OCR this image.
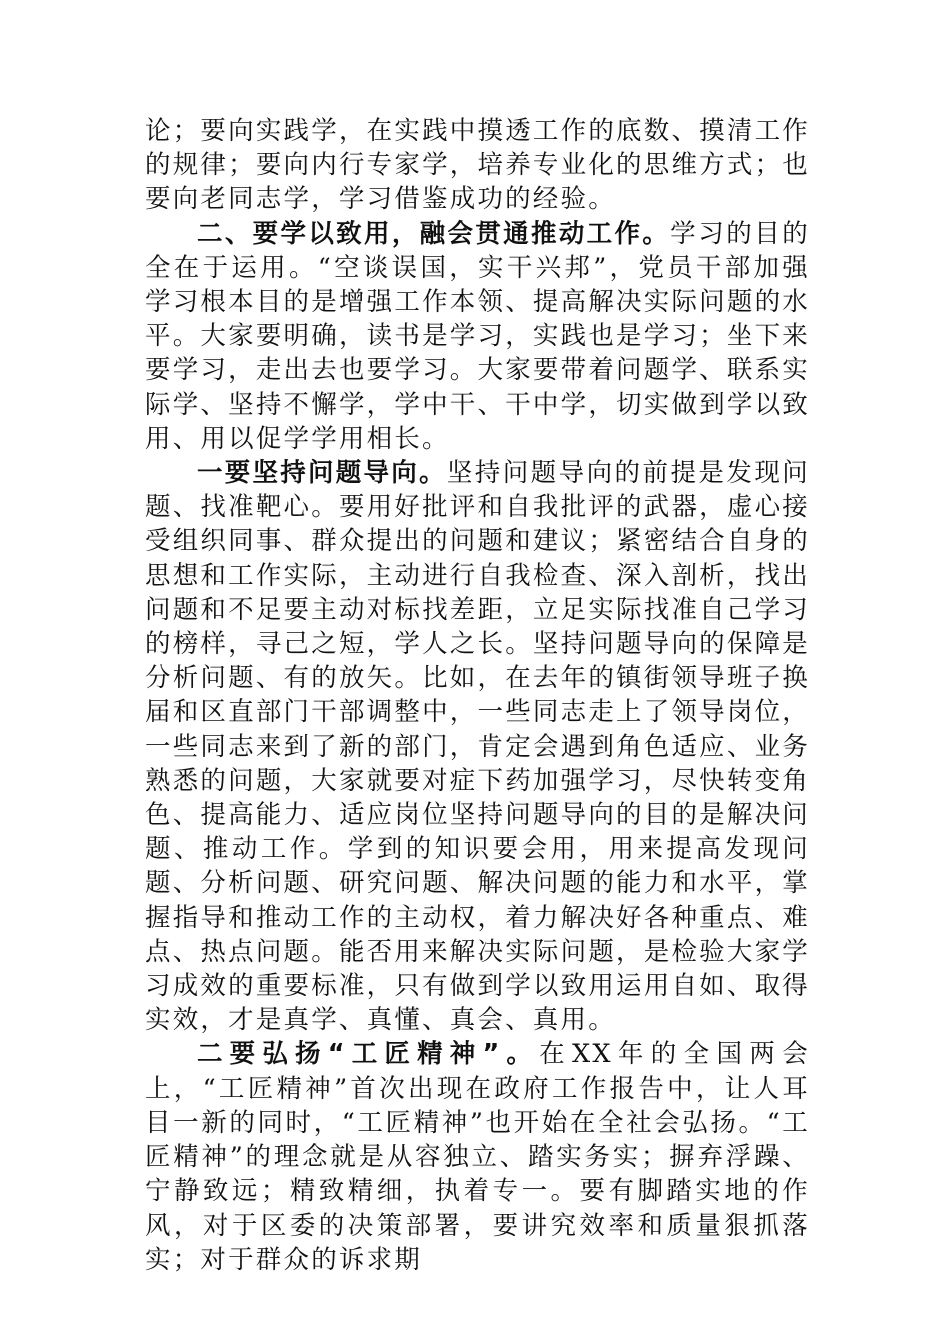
论；要向实践学，在实践中摸透工作的底数、摸清工作的规律；要向内行专家学，培养专业化的思维方式；也要向老同志学，学习借鉴成功的经验。

二、要学以致用，融会贯通推动工作。学习的目的全在于运用。“空谈误国，实干兴邦”，党员干部加强学习根本目的是增强工作本领、提高解决实际问题的水平。大家要明确，读书是学习，实践也是学习；坐下来要学习，走出去也要学习。大家要带着问题学、联系实际学、坚持不懈学，学中干、干中学，切实做到学以致用、用以促学学用相长。

一要坚持问题导向。坚持问题导向的前提是发现问题、找准靶心。要用好批评和自我批评的武器，虚心接受组织同事、群众提出的问题和建议；紧密结合自身的思想和工作实际，主动进行自我检查、深入剖析，找出问题和不足要主动对标找差距，立足实际找准自己学习的榜样，寻己之短，学人之长。坚持问题导向的保障是分析问题、有的放矢。比如，在去年的镇街领导班子换届和区直部门干部调整中，一些同志走上了领导岗位，一些同志来到了新的部门，肯定会遇到角色适应、业务熟悉的问题，大家就要对症下药加强学习，尽快转变角色、提高能力、适应岗位坚持问题导向的目的是解决问题、推动工作。学到的知识要会用，用来提高发现问题、分析问题、研究问题、解决问题的能力和水平，掌握指导和推动工作的主动权，着力解决好各种重点、难点、热点问题。能否用来解决实际问题，是检验大家学习成效的重要标准，只有做到学以致用运用自如、取得实效，才是真学、真懂、真会、真用。

二要弘扬“工匠精神”。在XX年的全国两会上，“工匠精神”首次出现在政府工作报告中，让人耳目一新的同时，“工匠精神”也开始在全社会弘扬。“工匠精神”的理念就是从容独立、踏实务实；摒弃浮躁、宁静致远；精致精细，执着专一。要有脚踏实地的作风，对于区委的决策部署，要讲究效率和质量狠抓落实；对于群众的诉求期
